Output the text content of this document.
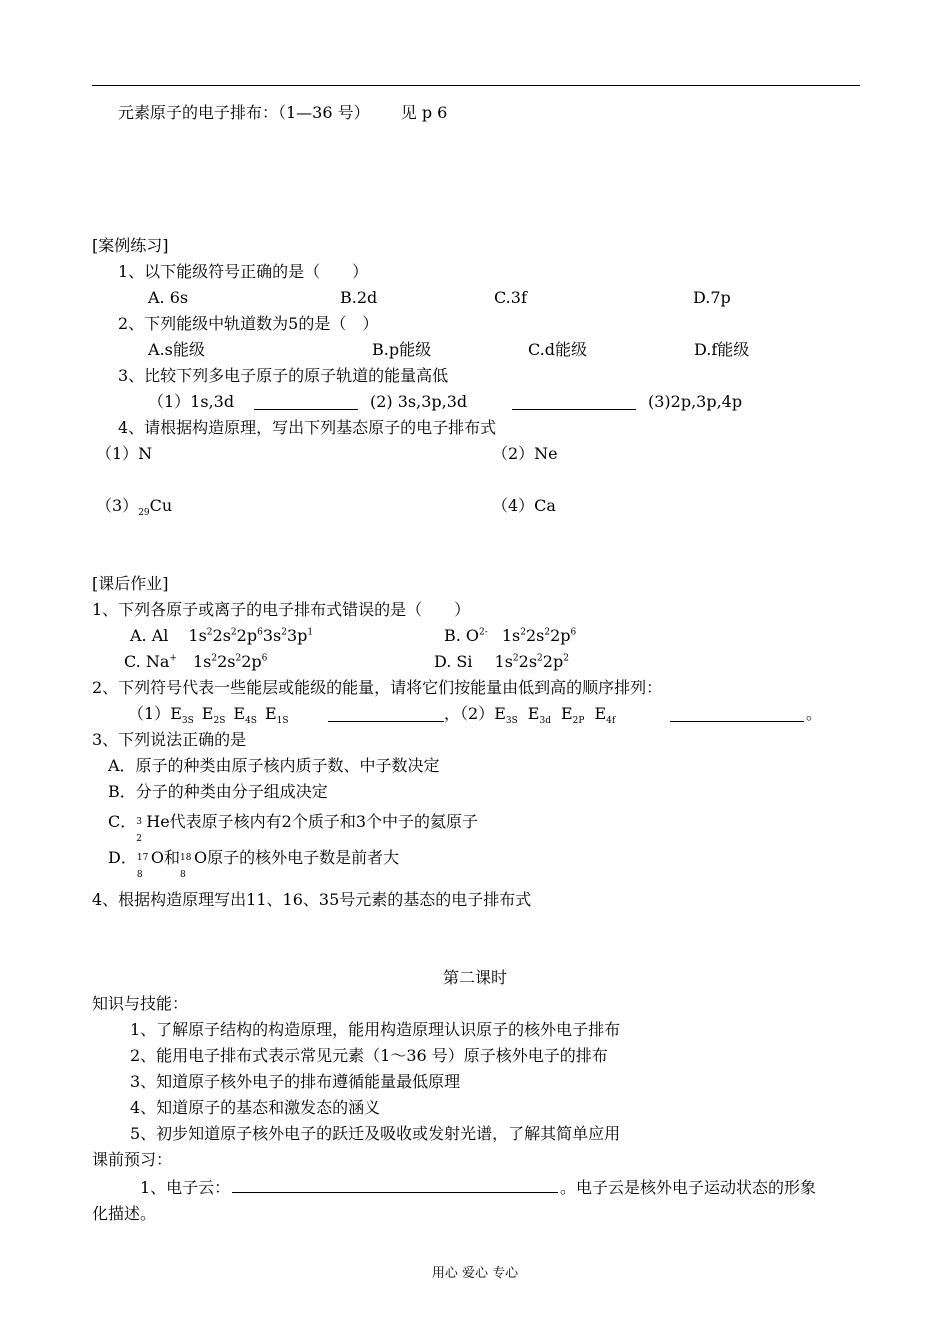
元素原子的电子排布：（1—36 号） 见 p 6
[案例练习]
1、以下能级符号正确的是（　　）
A. 6s	B.2d	C.3f	D.7p
2、下列能级中轨道数为5的是（　）
A.s能级	B.p能级	C.d能级	D.f能级
3、比较下列多电子原子的原子轨道的能量高低
（1）1s,3d	(2) 3s,3p,3d	(3)2p,3p,4p
4、请根据构造原理，写出下列基态原子的电子排布式
（1）N	（2）Ne
$(3)_{29}Cu$	（4）Ca
[课后作业]
1、下列各原子或离子的电子排布式错误的是（　　）
A. Al $1s^22s^22p^63s^23p^1$	B. $O^{2-}$ $1s^22s^22p^6$
C. Na+ $1s^22s^22p^6$	D. Si $1s^22s^22p^2$
2、下列符号代表一些能层或能级的能量，请将它们按能量由低到高的顺序排列：
$(1)E_{3S}$ $E_{2S}$ $E_{4S}$ $E_{1S}$	，$(2)E_{3S}$ $E_{3d}$ $E_{2P}$ $E_{4f}$	。
3、下列说法正确的是
A．原子的种类由原子核内质子数、中子数决定
B．分子的种类由分子组成决定
C． 3
2
He代表原子核内有2个质子和3个中子的氦原子
D． 17
8
O和 18
8
O原子的核外电子数是前者大
4、根据构造原理写出11、16、35号元素的基态的电子排布式
第二课时
知识与技能：
1、了解原子结构的构造原理，能用构造原理认识原子的核外电子排布
2、能用电子排布式表示常见元素（1～36 号）原子核外电子的排布
3、知道原子核外电子的排布遵循能量最低原理
4、知道原子的基态和激发态的涵义
5、初步知道原子核外电子的跃迁及吸收或发射光谱，了解其简单应用
课前预习：
1、电子云：	。电子云是核外电子运动状态的形象
化描述。
用心 爱心 专心
